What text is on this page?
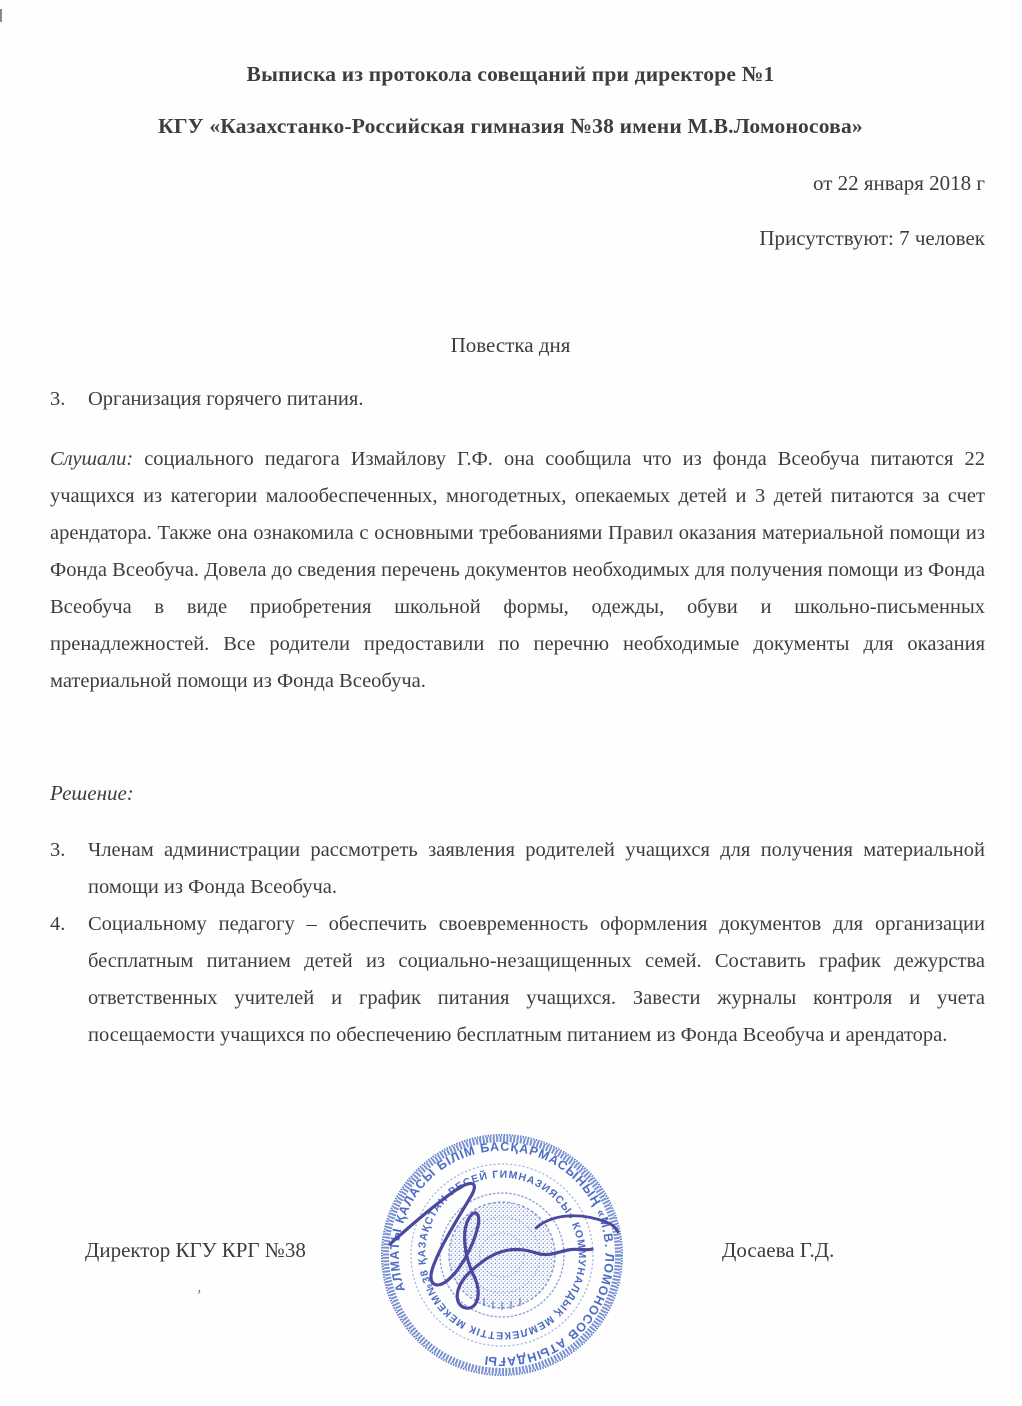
Выписка из протокола совещаний при директоре №1
КГУ «Казахстанко-Российская гимназия №38 имени М.В.Ломоносова»
от 22 января 2018 г
Присутствуют: 7 человек
Повестка дня
3.	Организация горячего питания.

Слушали: социального педагога Измайлову Г.Ф. она сообщила что из фонда Всеобуча питаются 22 учащихся из категории малообеспеченных, многодетных, опекаемых детей и 3 детей питаются за счет арендатора. Также она ознакомила с основными требованиями Правил оказания материальной помощи из Фонда Всеобуча. Довела до сведения перечень документов необходимых для получения помощи из Фонда Всеобуча в виде приобретения школьной формы, одежды, обуви и школьно-письменных пренадлежностей. Все родители предоставили по перечню необходимые документы для оказания материальной помощи из Фонда Всеобуча.

Решение:
3.	Членам администрации рассмотреть заявления родителей учащихся для получения материальной помощи из Фонда Всеобуча.
4.	Социальному педагогу – обеспечить своевременность оформления документов для организации бесплатным питанием детей из социально-незащищенных семей. Составить график дежурства ответственных учителей и график питания учащихся. Завести журналы контроля и учета посещаемости учащихся по обеспечению бесплатным питанием из Фонда Всеобуча и арендатора.
Директор КГУ КРГ №38	Досаева Г.Д.
АЛМАТЫ ҚАЛАСЫ БІЛІМ БАСҚАРМАСЫНЫҢ «М.В. ЛОМОНОСОВ АТЫНДАҒЫ
№38 ҚАЗАҚСТАН-РЕСЕЙ ГИМНАЗИЯСЫ» КОММУНАЛДЫҚ МЕМЛЕКЕТТІК МЕКЕМЕСІ *
ʼ
